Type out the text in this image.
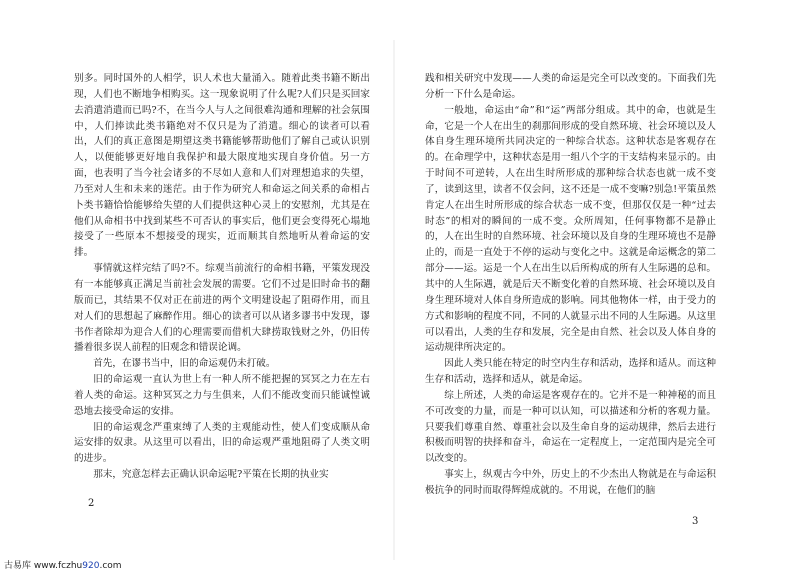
别多。同时国外的人相学，识人术也大量涌入。随着此类书籍不断出现，人们也不断地争相购买。这一现象说明了什么呢?人们只是买回家去消遣消遣而已吗?不，在当今人与人之间很难沟通和理解的社会氛围中，人们捧读此类书籍绝对不仅只是为了消遣。细心的读者可以看出，人们的真正意图是期望这类书籍能够帮助他们了解自己或认识别人，以便能够更好地自我保护和最大限度地实现自身价值。另一方面，也表明了当今社会诸多的不尽如人意和人们对理想追求的失望，乃至对人生和未来的迷茫。由于作为研究人和命运之间关系的命相占卜类书籍恰恰能够给失望的人们提供这种心灵上的安慰剂，尤其是在他们从命相书中找到某些不可否认的事实后，他们更会变得死心塌地接受了一些原本不想接受的现实，近而顺其自然地听从着命运的安排。

事情就这样完结了吗?不。综观当前流行的命相书籍，平策发现没有一本能够真正满足当前社会发展的需要。它们不过是旧时命书的翻版而已，其结果不仅对正在前进的两个文明建设起了阻碍作用，而且对人们的思想起了麻醉作用。细心的读者可以从诸多谬书中发现，谬书作者除却为迎合人们的心理需要而借机大肆捞取钱财之外，仍旧传播着很多误人前程的旧观念和错误论调。

首先，在谬书当中，旧的命运观仍未打破。

旧的命运观一直认为世上有一种人所不能把握的冥冥之力在左右着人类的命运。这种冥冥之力与生俱来，人们不能改变而只能诚惶诚恐地去接受命运的安排。

旧的命运观念严重束缚了人类的主观能动性，使人们变成顺从命运安排的奴隶。从这里可以看出，旧的命运观严重地阻碍了人类文明的进步。

那末，究意怎样去正确认识命运呢?平策在长期的执业实

2

践和相关研究中发现——人类的命运是完全可以改变的。下面我们先分析一下什么是命运。

一般地，命运由“命”和“运”两部分组成。其中的命，也就是生命，它是一个人在出生的刹那间形成的受自然环境、社会环境以及人体自身生理环境所共同决定的一种综合状态。这种状态是客观存在的。在命理学中，这种状态是用一组八个字的干支结构来显示的。由于时间不可逆转，人在出生时所形成的那种综合状态也就一成不变了，读到这里，读者不仅会问，这不还是一成不变嘛?别急!平策虽然肯定人在出生时所形成的综合状态一成不变，但那仅仅是一种“过去时态”的相对的瞬间的一成不变。众所周知，任何事物都不是静止的，人在出生时的自然环境、社会环境以及自身的生理环境也不是静止的，而是一直处于不停的运动与变化之中。这就是命运概念的第二部分——运。运是一个人在出生以后所构成的所有人生际遇的总和。其中的人生际遇，就是后天不断变化着的自然环境、社会环境以及自身生理环境对人体自身所造成的影响。同其他物体一样，由于受力的方式和影响的程度不同，不同的人就显示出不同的人生际遇。从这里可以看出，人类的生存和发展，完全是由自然、社会以及人体自身的运动规律所决定的。

因此人类只能在特定的时空内生存和活动，选择和适从。而这种生存和活动，选择和适从，就是命运。

综上所述，人类的命运是客观存在的。它并不是一种神秘的而且不可改变的力量，而是一种可以认知，可以描述和分析的客观力量。只要我们尊重自然、尊重社会以及生命自身的运动规律，然后去进行积极而明智的抉择和奋斗，命运在一定程度上，一定范围内是完全可以改变的。

事实上，纵观古今中外，历史上的不少杰出人物就是在与命运积极抗争的同时而取得辉煌成就的。不用说，在他们的脑

3
古易库 www.fczhu920.com
